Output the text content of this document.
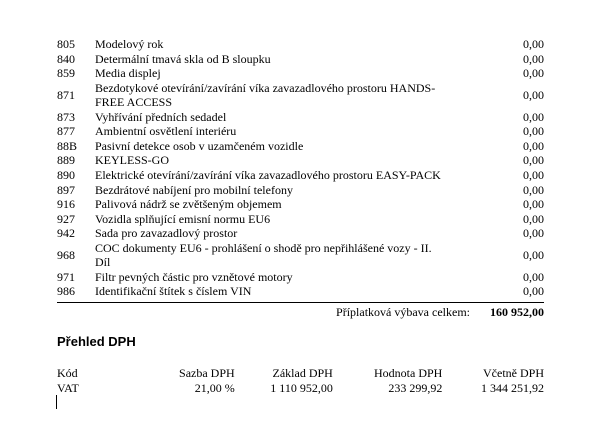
805	Modelový rok	0,00
840	Determální tmavá skla od B sloupku	0,00
859	Media displej	0,00
871	Bezdotykové otevírání/zavírání víka zavazadlového prostoru HANDS-
FREE ACCESS	0,00
873	Vyhřívání předních sedadel	0,00
877	Ambientní osvětlení interiéru	0,00
88B	Pasivní detekce osob v uzamčeném vozidle	0,00
889	KEYLESS-GO	0,00
890	Elektrické otevírání/zavírání víka zavazadlového prostoru EASY-PACK	0,00
897	Bezdrátové nabíjení pro mobilní telefony	0,00
916	Palivová nádrž se zvětšeným objemem	0,00
927	Vozidla splňující emisní normu EU6	0,00
942	Sada pro zavazadlový prostor	0,00
968	COC dokumenty EU6 - prohlášení o shodě pro nepřihlášené vozy - II.
Díl	0,00
971	Filtr pevných částic pro vznětové motory	0,00
986	Identifikační štítek s číslem VIN	0,00
Příplatková výbava celkem: 160 952,00
Přehled DPH
Kód	Sazba DPH	Základ DPH	Hodnota DPH	Včetně DPH
VAT	21,00 %	1 110 952,00	233 299,92	1 344 251,92
